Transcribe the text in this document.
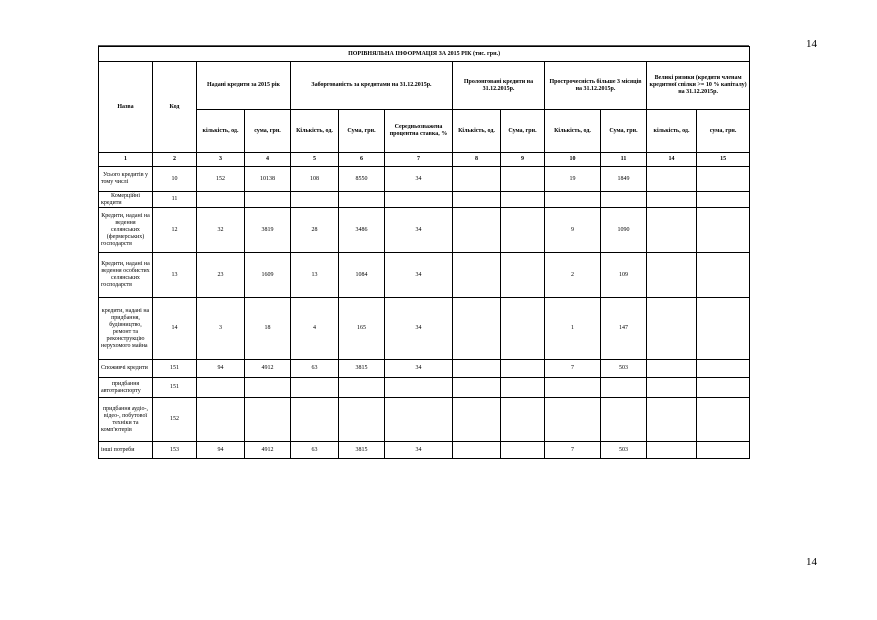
14
ПОРІВНЯЛЬНА ІНФОРМАЦІЯ ЗА 2015 РІК (тис. грн.)												
Назва	Код	Надані кредити за 2015 рік		Заборгованість за кредитами на 31.12.2015р.			Пролонговані кредити на 31.12.2015р.		Прострочесність більше 3 місяців на 31.12.2015р.		Великі ризики (кредити членам кредитної спілки >= 10 % капіталу) на 31.12.2015р.	
		кількість, од.	сума, грн.	Кількість, од.	Сума, грн.	Середньозважена процентна ставка, %	Кількість, од.	Сума, грн.	Кількість, од.	Сума, грн.	кількість, од.	сума, грн.
1	2	3	4	5	6	7	8	9	10	11	14	15
Усього кредитів у тому числі	10	152	10138	108	8550	34			19	1849		
Комерційні кредити	11											
Кредити, надані на ведення селянських (фермерських) господарств	12	32	3819	28	3486	34			9	1090		
Кредити, надані на ведення особистих селянських господарств	13	23	1609	13	1084	34			2	109		
кредити, надані на придбання, будівництво, ремонт та реконструкцію нерухомого майна	14	3	18	4	165	34			1	147		
Споживчі кредити	151	94	4912	63	3815	34			7	503		
придбання автотранспорту	151											
придбання аудіо-, відео-, побутової техніки та комп'ютерів	152											
інші потреби	153	94	4912	63	3815	34			7	503		
14
